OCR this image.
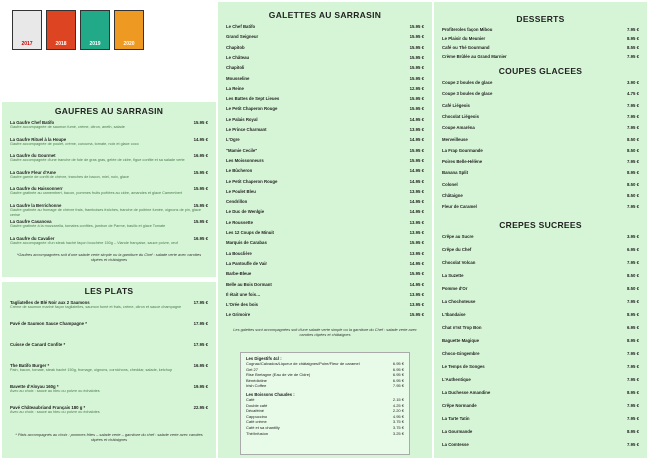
2017	2018	2019	2020
GAUFRES AU SARRASIN
La Gaufre Chef Batifo	15.95 €
Gaufre accompagnée de saumon fumé, crème, citron, aneth, salade
La Gaufre Rituel à la Houpe	14.95 €
Gaufre accompagnée de poulet, crème, curcuma, tomate, noix et glace coco
La Gaufre du Gourmet	16.95 €
Gaufre accompagnée d'une tranche de foie de gras gras, gelée de cidre, figue confite et sa salade verte
La Gaufre Fleur d'Ame	15.95 €
Gaufre garnie de confit de chèvre, tranches de bacon, miel, noix, glace
La Gaufre du Haissonnerr	15.95 €
Gaufre gratinée au camembert, bacon, pommes fruits poêlées au cidre, amandes et glace Camembert
La Gaufre la Berrichonne	15.95 €
Gaufre gratinée au fromage de chèvre frais, framboises fraîches, tranche de poitrine fumée, oignons de pin, glace cerise
La Gaufre Casanova	15.95 €
Gaufre gratinée à la mozzarella, tomates confites, jambon de Parme, basilic et glace Tomate
La Gaufre du Cavalier	16.95 €
Gaufre accompagnée d'un steak haché façon bouchère 150g – Viande française, sauce poivre, œuf
*Gaufres accompagnées soit d'une salade verte simple ou la garniture du Chef : salade verte avec carottes râpées et châtaignes
LES PLATS
Tagliatelles de Blé Noir aux 2 Saumons	17.95 €
Crème de saumon mariné façon tagliatelles, saumon fumé et frais, crème, citron et sauce champagne
Pavé de Saumon Sauce Champagne *	17.95 €
Cuisse de Canard Confite *	17.95 €
The Batifo Burger *	16.95 €
Pain, bacon, tomate, steak haché 150g, fromage, oignons, cornichons, cheddar, salade, ketchup
Bavette d'Aloyau 160g *	19.95 €
Avec au choix : sauce au bleu ou poivre ou échalotes
Pavé Châteaubriand Français 180 g *	22.95 €
Avec au choix : sauce au bleu ou poivre ou échalotes
* Plats accompagnés au choix : pommes frites – salade verte – garniture du chef : salade verte avec carottes râpées et châtaignes
GALETTES AU SARRASIN
Le Chef Batifo	15.95 €
Grand Seigneur	15.95 €
Chapitob	15.95 €
Le Château	15.95 €
Chapitoli	15.95 €
Mousseline	15.95 €
La Reine	12.95 €
Les Battes de Sept Lieues	15.95 €
Le Petit Chaperon Rouge	15.95 €
Le Palais Royal	14.95 €
Le Prince Charmant	13.95 €
L'Ogre	14.95 €
"Mamie Cecile"	15.95 €
Les Moissonneurs	15.95 €
Le Bûcheron	14.95 €
Le Petit Chaperon Rouge	14.95 €
Le Poulet Bleu	13.95 €
Cendrillon	14.95 €
Le Duc de Wenlgie	14.95 €
Le Roussette	13.95 €
Les 12 Coups de Minuit	13.95 €
Marquis de Carabas	15.95 €
La Bouclière	13.95 €
La Pantoufle de Vair	14.95 €
Barbe-Bleue	15.95 €
Belle au Bois Dormant	14.95 €
Il était une fois…	13.95 €
L'Orée des bois	13.95 €
Le Grimoire	15.95 €
Les galettes sont accompagnées soit d'une salade verte simple ou la garniture du Chef : salade verte avec carottes râpées et châtaignes
Les Digestifs 4cl :
Cognac/Calvados/Liqueur de châtaignes/Poire/Fleur de caramel	6.95 €
Get 27	6.95 €
Rise Bretagne (Eau de vie de Cidre)	6.95 €
Bénédictine	6.95 €
Irish Coffee	7.95 €
Les Boissons Chaudes :
Café	2.15 €
Double café	4.25 €
Décaféiné	2.20 €
Cappuccino	4.95 €
Café crème	3.75 €
Café et sa chantilly	3.75 €
Thé/Infusion	3.25 €
DESSERTS
Profiteroles façon Mibou	7.95 €
Le Plaisir du Meunier	8.95 €
Café ou Thé Gourmand	8.55 €
Crème Brûlée au Grand Marnier	7.95 €
COUPES GLACEES
Coupe 2 boules de glace	3.90 €
Coupe 3 boules de glace	4.75 €
Café Liégeois	7.95 €
Chocolat Liégeois	7.95 €
Coupe Amaréna	7.95 €
Merveilleuse	8.50 €
La Frap Gourmande	8.50 €
Poires Belle-Hélène	7.95 €
Banana Split	8.95 €
Colonel	8.50 €
Châtaigne	8.50 €
Fleur de Caramel	7.95 €
CREPES SUCREES
Crêpe au Sucre	3.95 €
Crêpe du Chef	6.95 €
Chocolat Volcan	7.95 €
La Suzette	8.50 €
Pomme d'Or	8.50 €
La Chochoteuse	7.95 €
L'Ibandaise	8.95 €
Chat n'Ist Trop Bon	6.95 €
Baguette Magique	8.95 €
Choco-Gingembre	7.95 €
Le Temps de Songes	7.95 €
L'Authentique	7.95 €
La Duchesse Amandine	8.95 €
Crêpe Normande	7.95 €
La Tarte Tatin	7.95 €
La Gourmande	8.95 €
La Comtesse	7.95 €
